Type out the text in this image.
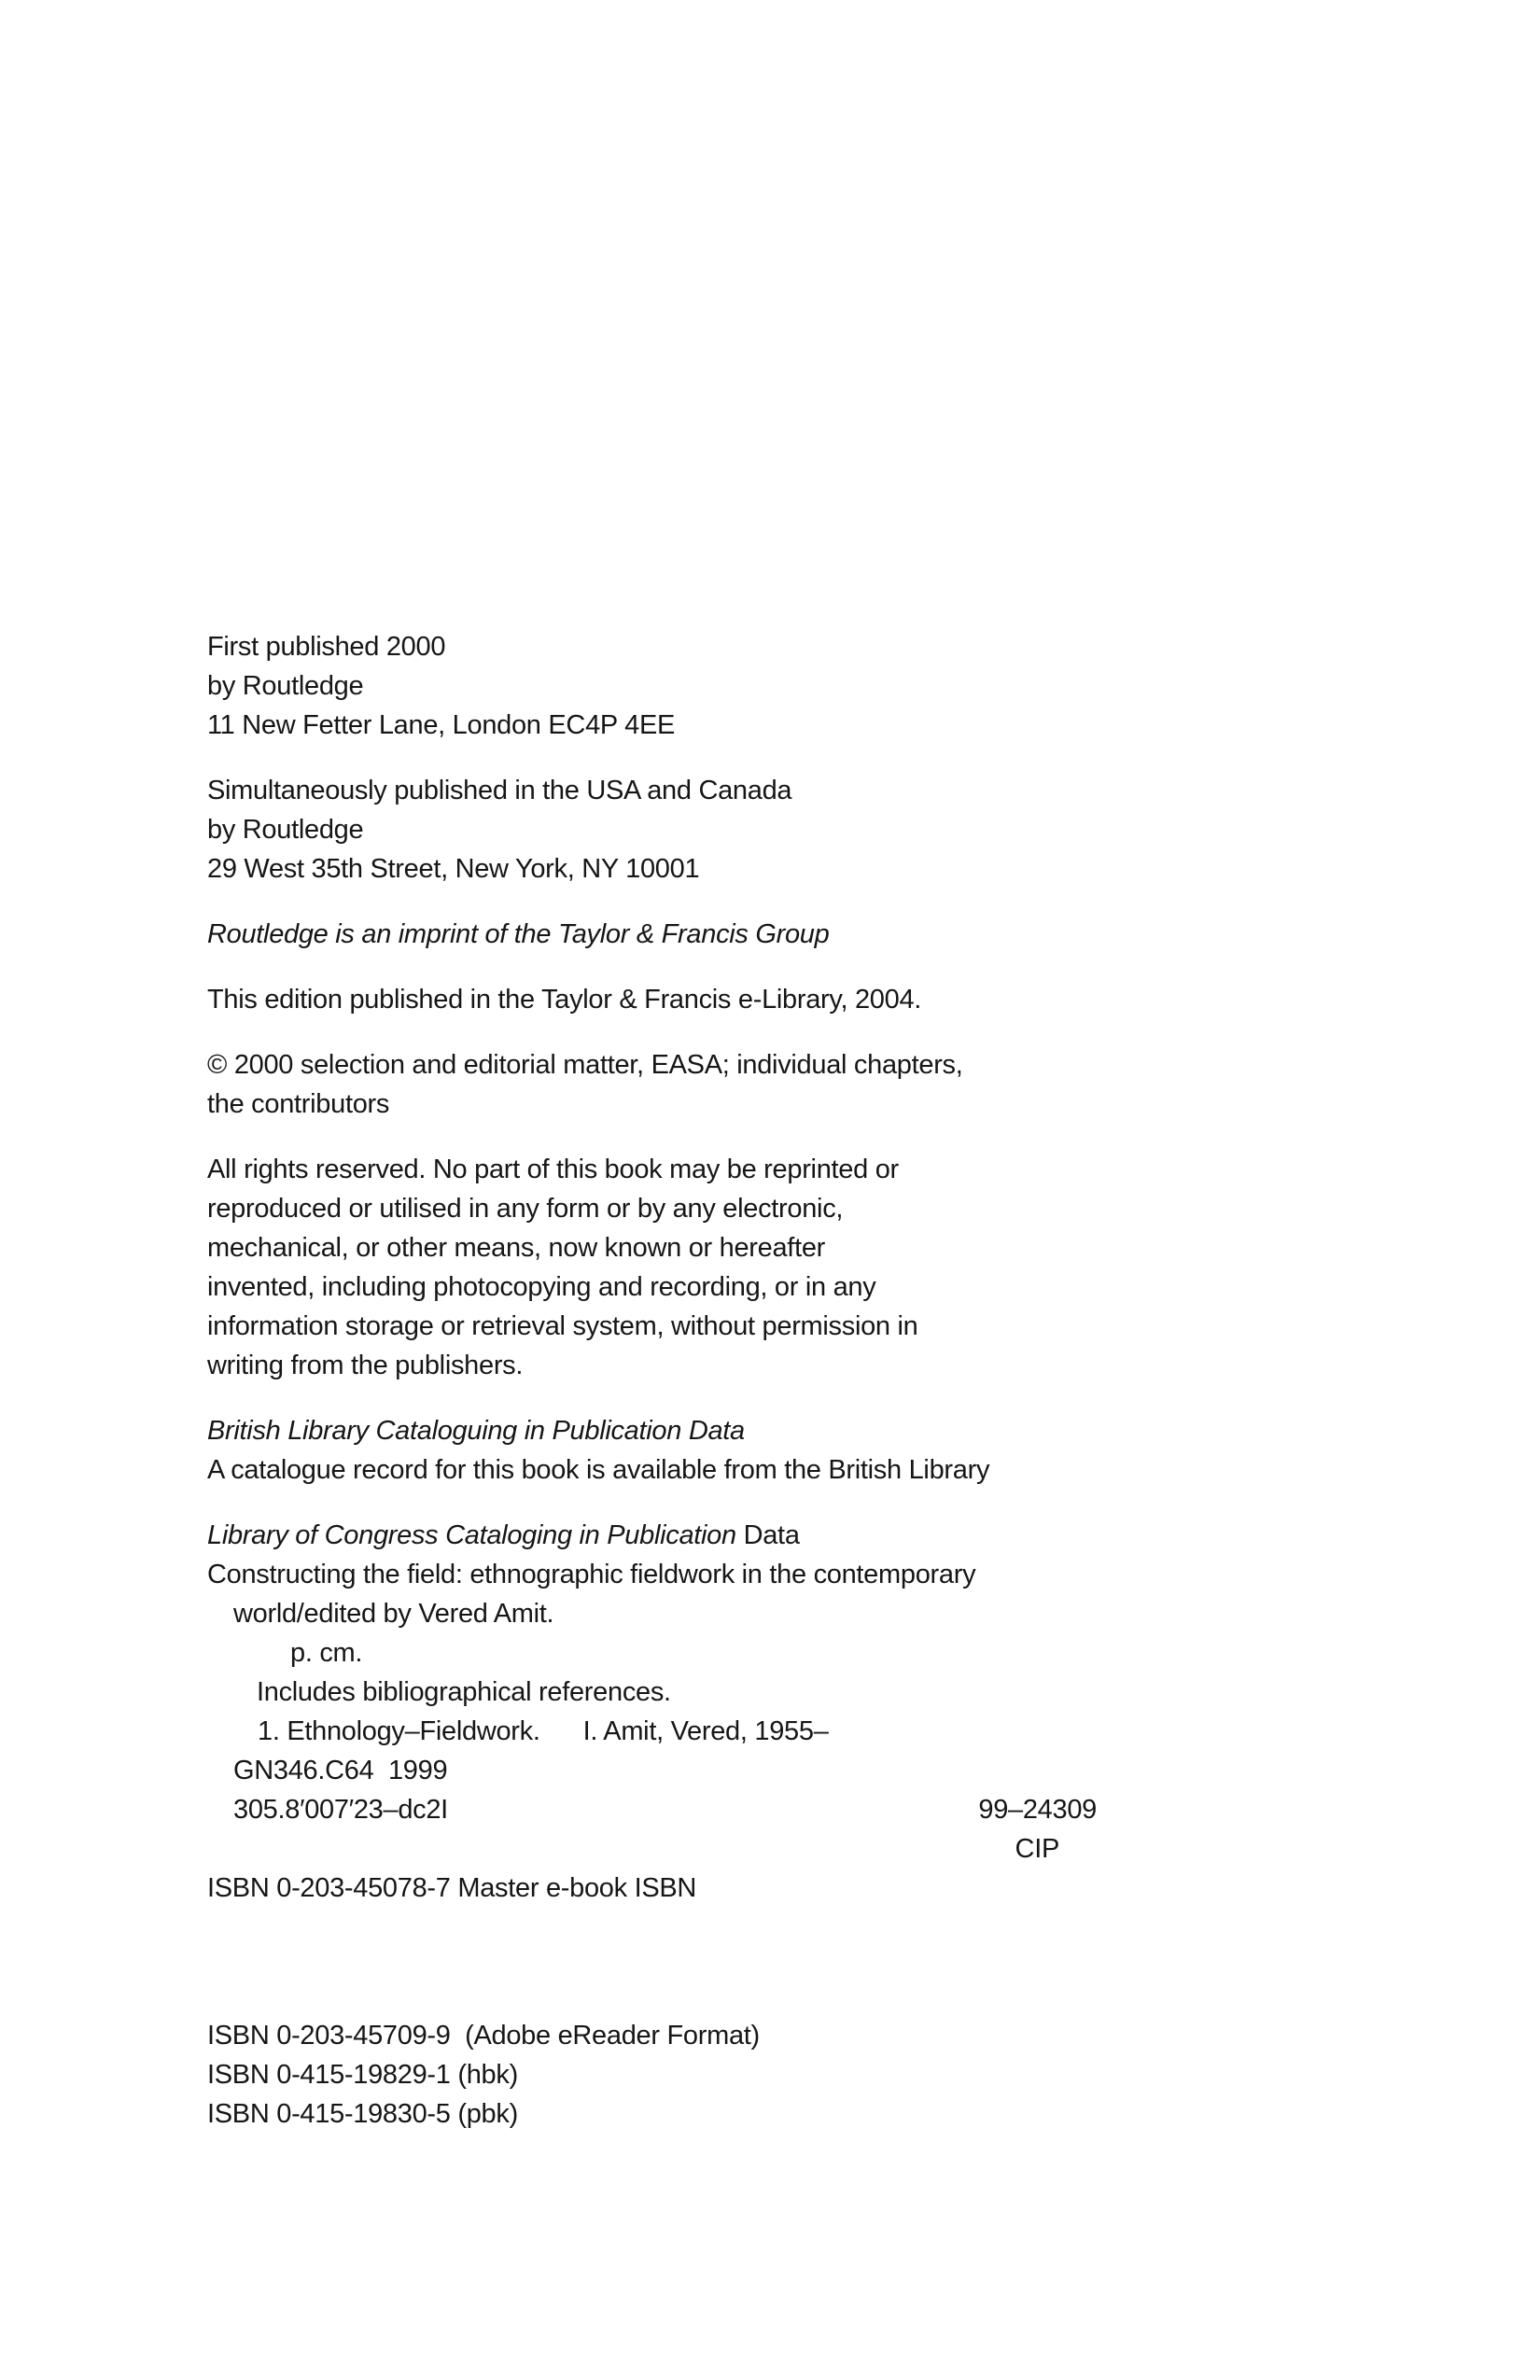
First published 2000
by Routledge
11 New Fetter Lane, London EC4P 4EE
Simultaneously published in the USA and Canada
by Routledge
29 West 35th Street, New York, NY 10001
Routledge is an imprint of the Taylor & Francis Group
This edition published in the Taylor & Francis e-Library, 2004.
© 2000 selection and editorial matter, EASA; individual chapters,
the contributors
All rights reserved. No part of this book may be reprinted or
reproduced or utilised in any form or by any electronic,
mechanical, or other means, now known or hereafter
invented, including photocopying and recording, or in any
information storage or retrieval system, without permission in
writing from the publishers.
British Library Cataloguing in Publication Data
A catalogue record for this book is available from the British Library
Library of Congress Cataloging in Publication Data
Constructing the field: ethnographic fieldwork in the contemporary
world/edited by Vered Amit.
p. cm.
Includes bibliographical references.
1. Ethnology–Fieldwork. I. Amit, Vered, 1955–
GN346.C64  1999
305.8′007′23–dc2I	99–24309
CIP
ISBN 0-203-45078-7 Master e-book ISBN
ISBN 0-203-45709-9  (Adobe eReader Format)
ISBN 0-415-19829-1 (hbk)
ISBN 0-415-19830-5 (pbk)
